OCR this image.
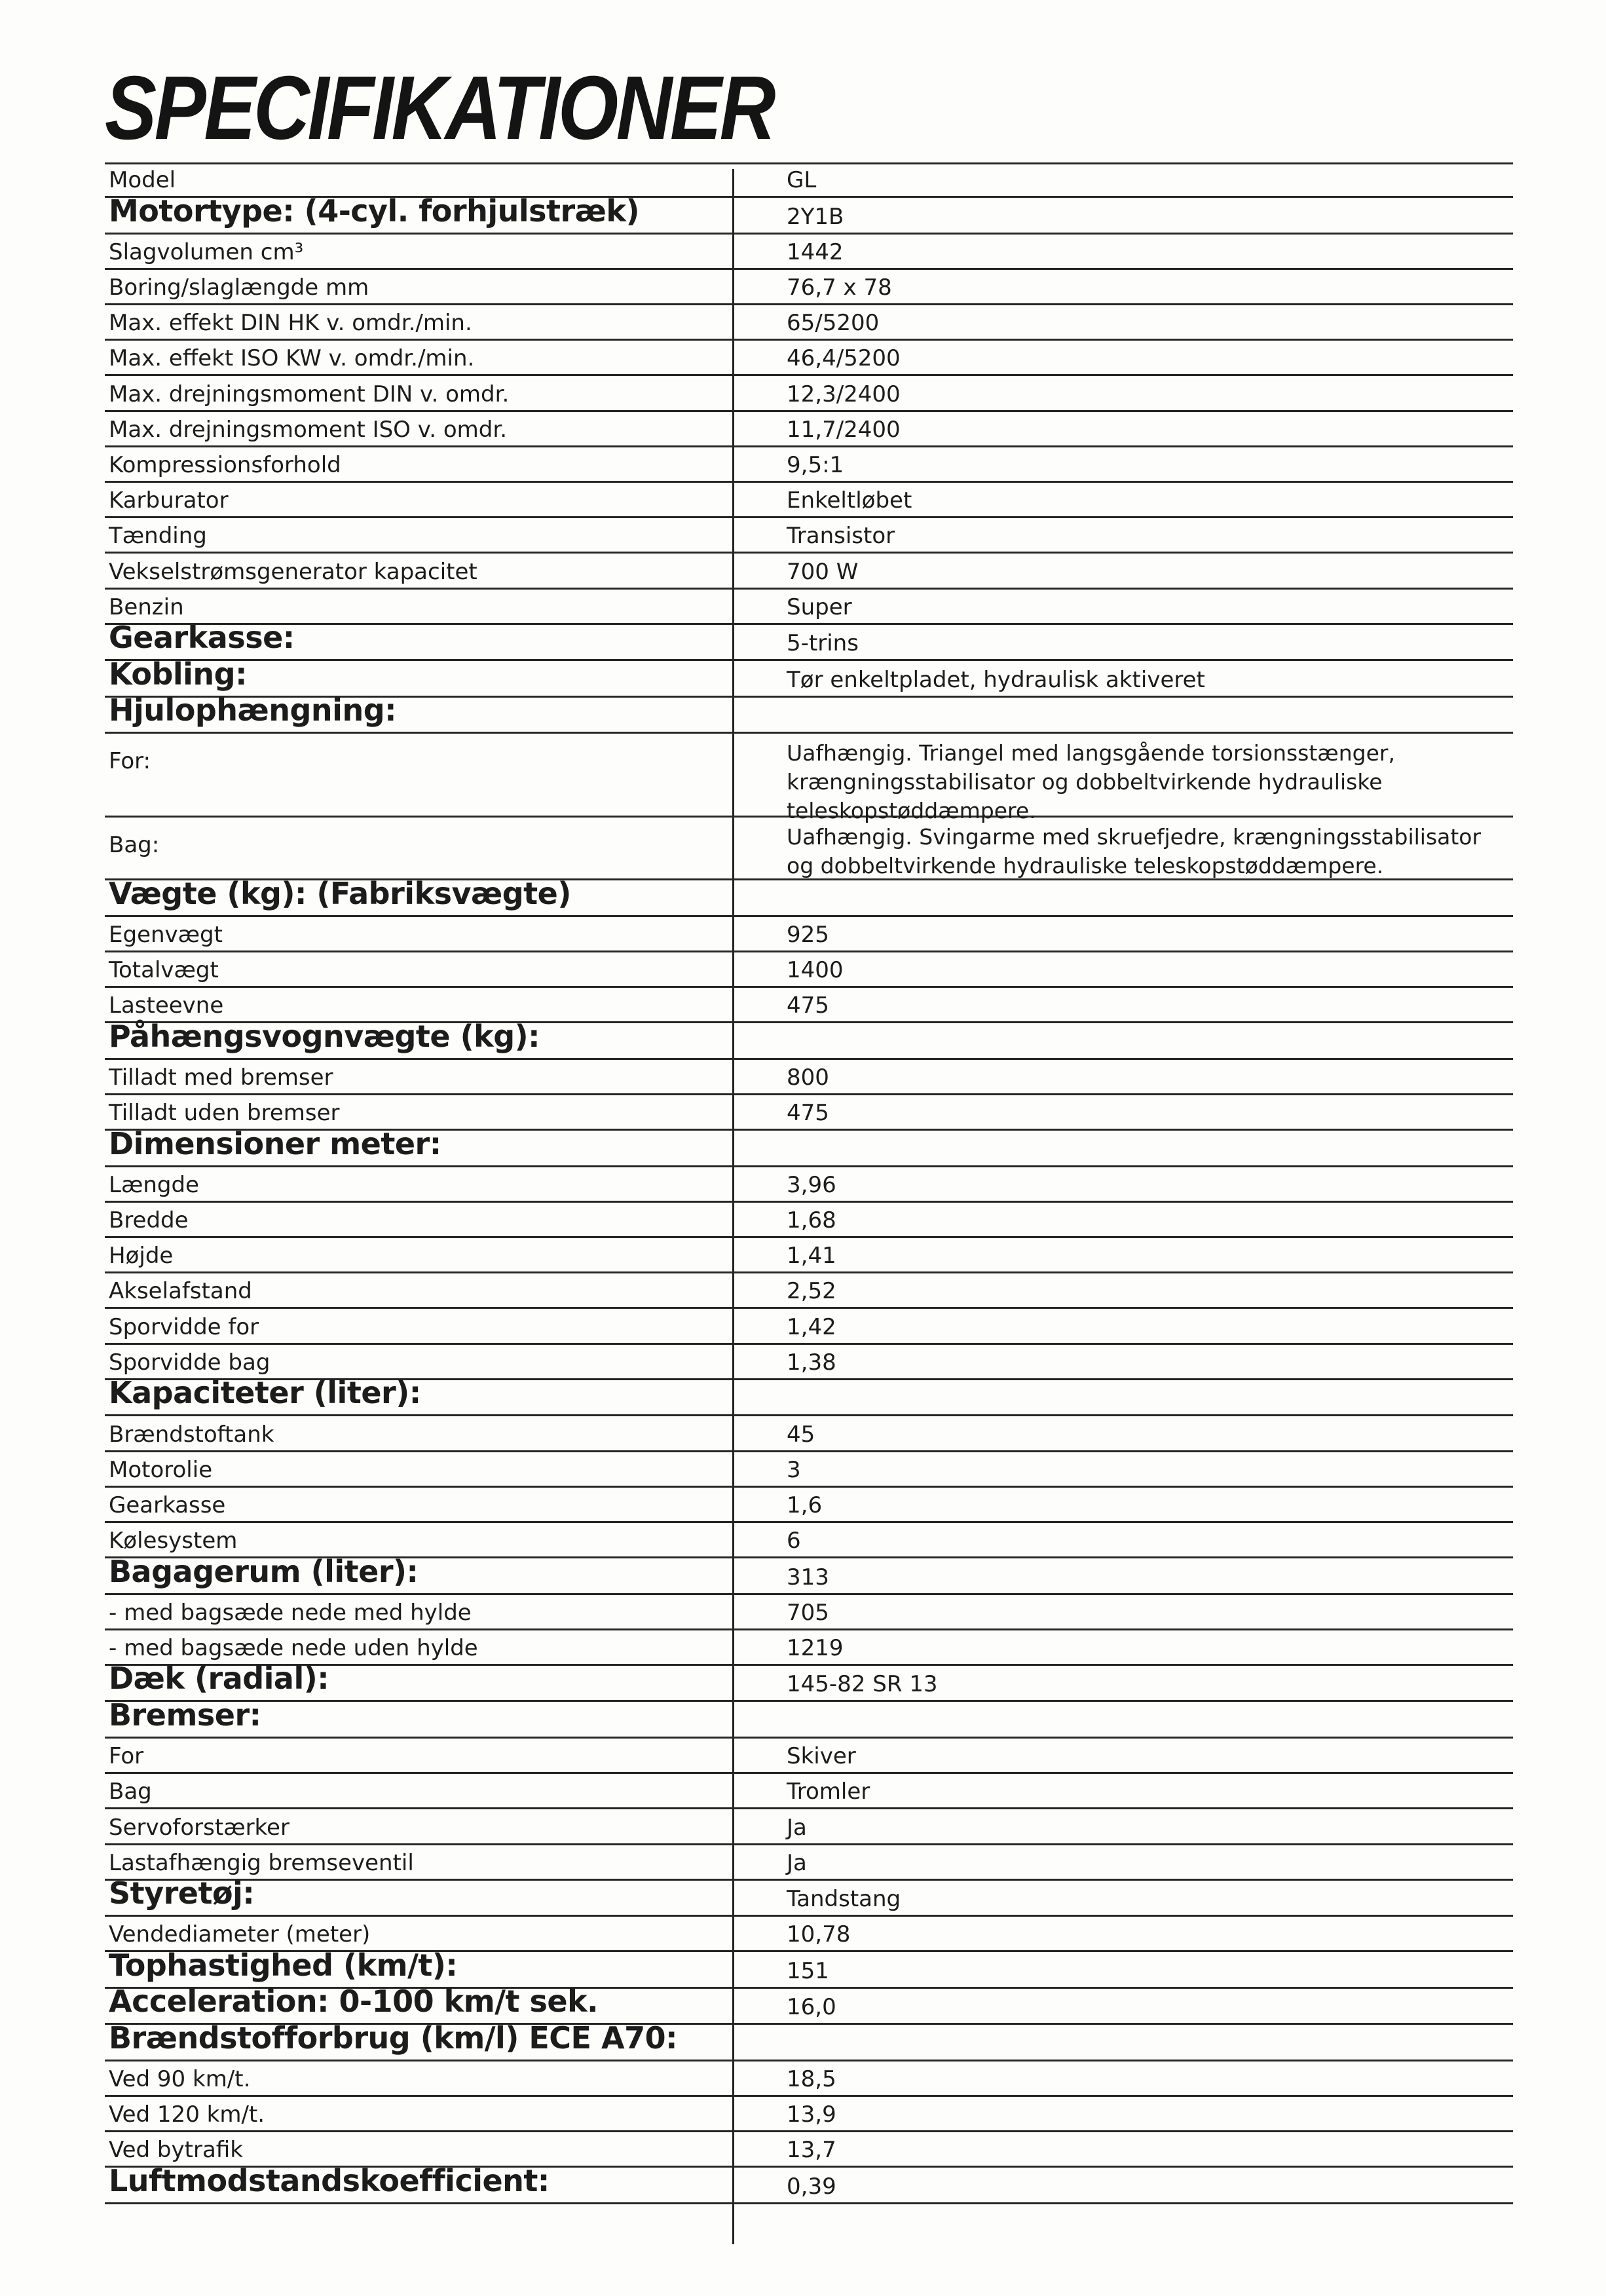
SPECIFIKATIONER
Model	GL
Motortype: (4-cyl. forhjulstræk)	2Y1B
Slagvolumen cm³	1442
Boring/slaglængde mm	76,7 x 78
Max. effekt DIN HK v. omdr./min.	65/5200
Max. effekt ISO KW v. omdr./min.	46,4/5200
Max. drejningsmoment DIN v. omdr.	12,3/2400
Max. drejningsmoment ISO v. omdr.	11,7/2400
Kompressionsforhold	9,5:1
Karburator	Enkeltløbet
Tænding	Transistor
Vekselstrømsgenerator kapacitet	700 W
Benzin	Super
Gearkasse:	5-trins
Kobling:	Tør enkeltpladet, hydraulisk aktiveret
Hjulophængning:
For:	Uafhængig. Triangel med langsgående torsionsstænger,
krængningsstabilisator og dobbeltvirkende hydrauliske
teleskopstøddæmpere.
Bag:	Uafhængig. Svingarme med skruefjedre, krængningsstabilisator
og dobbeltvirkende hydrauliske teleskopstøddæmpere.
Vægte (kg): (Fabriksvægte)
Egenvægt	925
Totalvægt	1400
Lasteevne	475
Påhængsvognvægte (kg):
Tilladt med bremser	800
Tilladt uden bremser	475
Dimensioner meter:
Længde	3,96
Bredde	1,68
Højde	1,41
Akselafstand	2,52
Sporvidde for	1,42
Sporvidde bag	1,38
Kapaciteter (liter):
Brændstoftank	45
Motorolie	3
Gearkasse	1,6
Kølesystem	6
Bagagerum (liter):	313
- med bagsæde nede med hylde	705
- med bagsæde nede uden hylde	1219
Dæk (radial):	145-82 SR 13
Bremser:
For	Skiver
Bag	Tromler
Servoforstærker	Ja
Lastafhængig bremseventil	Ja
Styretøj:	Tandstang
Vendediameter (meter)	10,78
Tophastighed (km/t):	151
Acceleration: 0-100 km/t sek.	16,0
Brændstofforbrug (km/l) ECE A70:
Ved 90 km/t.	18,5
Ved 120 km/t.	13,9
Ved bytrafik	13,7
Luftmodstandskoefficient:	0,39
